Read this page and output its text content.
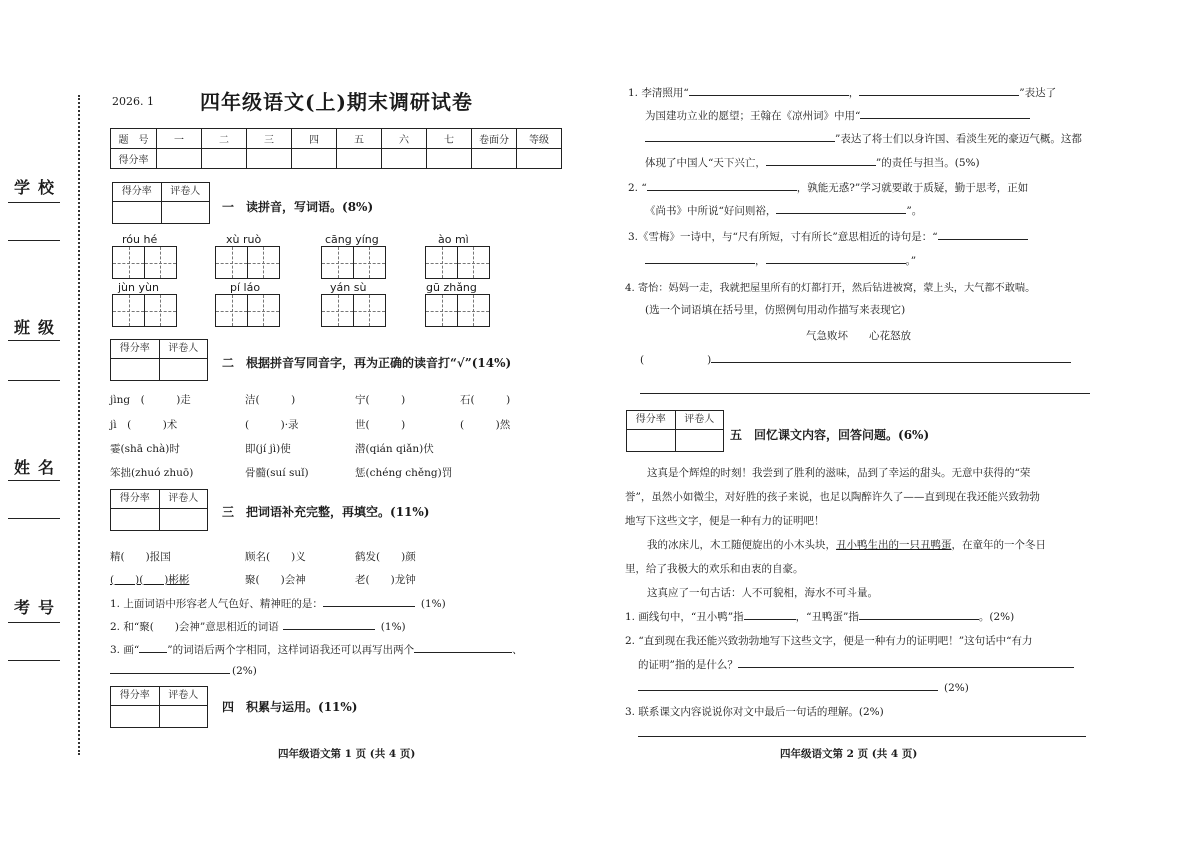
学校
班级
姓名
考号
2026. 1 四年级语文(上)期末调研试卷
题　号	一	二	三	四	五	六	七	卷面分	等级
得分率									
得分率	评卷人
一　 读拼音，写词语。(8%)
róu hé	xù ruò	cāng yíng	ào mì
jùn yùn	pí láo	yán sù	gū zhǎng
得分率	评卷人
二　 根据拼音写同音字，再为正确的读音打“√”(14%)
jìng　(　　　)走	洁(　　　)	宁(　　　)	石(　　　)
jì　(　　　)术	(　　　)·录	世(　　　)	(　　　)然
霎(shā chà)时	即(jí jì)使	潜(qián qiǎn)伏
笨拙(zhuó zhuō)	骨髓(suí suǐ)	惩(chéng chěng)罚
得分率	评卷人
三　 把词语补充完整，再填空。(11%)
精(　　)报国	顾名(　　)义	鹤发(　　)颜
(　　)(　　)彬彬	聚(　　)会神	老(　　)龙钟
1. 上面词语中形容老人气色好、精神旺的是：	(1%)
2. 和“聚(　　)会神”意思相近的词语	(1%)
3. 画“	”的词语后两个字相同，这样词语我还可以再写出两个	、
(2%)
得分率	评卷人
四　 积累与运用。(11%)
四年级语文第 1 页 (共 4 页)
1. 李清照用“	，	”表达了
为国建功立业的愿望；王翰在《凉州词》中用“
”表达了将士们以身许国、看淡生死的豪迈气概。这都
体现了中国人“天下兴亡，	”的责任与担当。(5%)
2. “	，孰能无惑?”学习就要敢于质疑，勤于思考，正如
《尚书》中所说“好问则裕，	”。
3.《雪梅》一诗中，与“尺有所短，寸有所长”意思相近的诗句是：“
，	。”
4. 寄怡：妈妈一走，我就把屋里所有的灯都打开，然后钻进被窝，蒙上头，大气都不敢喘。
(选一个词语填在括号里，仿照例句用动作描写来表现它)
气急败坏　　心花怒放
(　　　　　　)
得分率	评卷人
五　 回忆课文内容，回答问题。(6%)
这真是个辉煌的时刻！我尝到了胜利的滋味，品到了幸运的甜头。无意中获得的“荣
誉”，虽然小如微尘，对好胜的孩子来说，也足以陶醉许久了——直到现在我还能兴致勃勃
地写下这些文字，便是一种有力的证明吧！
我的冰床儿，木工随便旋出的小木头块，丑小鸭生出的一只丑鸭蛋，在童年的一个冬日
里，给了我极大的欢乐和由衷的自豪。
这真应了一句古话：人不可貌相，海水不可斗量。
1. 画线句中，“丑小鸭”指	，“丑鸭蛋”指	。(2%)
2. “直到现在我还能兴致勃勃地写下这些文字，便是一种有力的证明吧！”这句话中“有力
的证明”指的是什么？
(2%)
3. 联系课文内容说说你对文中最后一句话的理解。(2%)
四年级语文第 2 页 (共 4 页)
